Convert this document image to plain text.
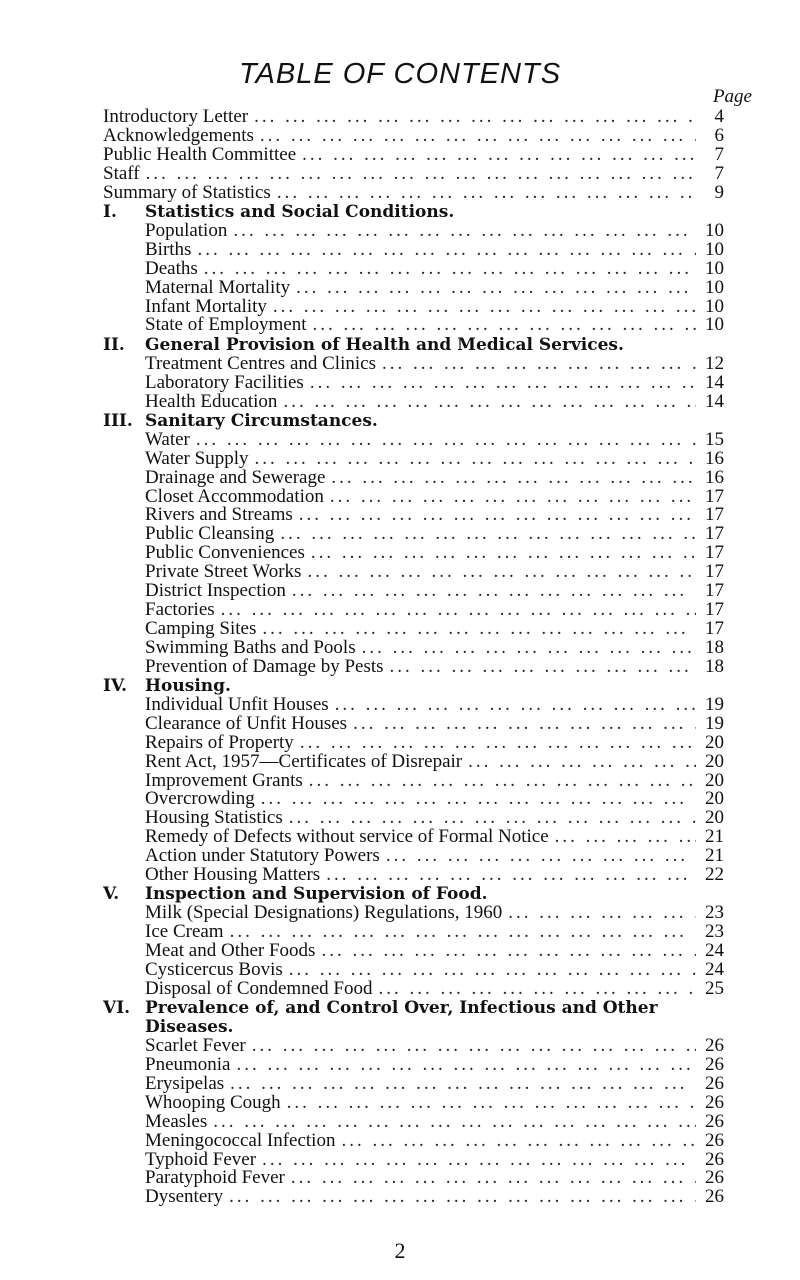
TABLE OF CONTENTS
Page
Introductory Letter ... .	4
Acknowledgements ... .	6
Public Health Committee ... .	7
Staff ... .	7
Summary of Statistics ... .	9
I.	Statistics and Social Conditions.
Population ... .	10
Births ... .	10
Deaths ... .	10
Maternal Mortality ... .	10
Infant Mortality ... .	10
State of Employment ... .	10
II.	General Provision of Health and Medical Services.
Treatment Centres and Clinics ... .	12
Laboratory Facilities ... .	14
Health Education ... .	14
III. Sanitary Circumstances.
Water ... .	15
Water Supply ... .	16
Drainage and Sewerage ... .	16
Closet Accommodation ... .	17
Rivers and Streams ... .	17
Public Cleansing ... .	17
Public Conveniences ... .	17
Private Street Works ... .	17
District Inspection ... .	17
Factories ... .	17
Camping Sites ... .	17
Swimming Baths and Pools ... .	18
Prevention of Damage by Pests ... .	18
IV.	Housing.
Individual Unfit Houses ... .	19
Clearance of Unfit Houses ... .	19
Repairs of Property ... .	20
Rent Act, 1957—Certificates of Disrepair ... .	20
Improvement Grants ... .	20
Overcrowding ... .	20
Housing Statistics ... .	20
Remedy of Defects without service of Formal Notice ... .	21
Action under Statutory Powers ... .	21
Other Housing Matters ... .	22
V.	Inspection and Supervision of Food.
Milk (Special Designations) Regulations, 1960 ... .	23
Ice Cream ... .	23
Meat and Other Foods ... .	24
Cysticercus Bovis ... .	24
Disposal of Condemned Food ... .	25
VI. Prevalence of, and Control Over, Infectious and Other Diseases.
Scarlet Fever ... .	26
Pneumonia ... .	26
Erysipelas ... .	26
Whooping Cough ... .	26
Measles ... .	26
Meningococcal Infection ... .	26
Typhoid Fever ... .	26
Paratyphoid Fever ... .	26
Dysentery ... .	26
2
